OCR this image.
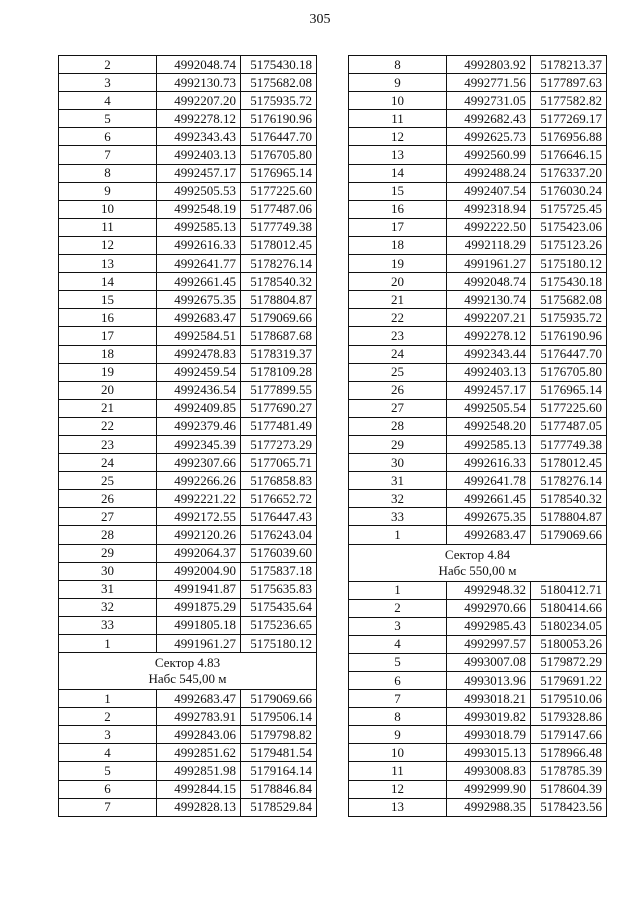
305
2	4992048.74	5175430.18
3	4992130.73	5175682.08
4	4992207.20	5175935.72
5	4992278.12	5176190.96
6	4992343.43	5176447.70
7	4992403.13	5176705.80
8	4992457.17	5176965.14
9	4992505.53	5177225.60
10	4992548.19	5177487.06
11	4992585.13	5177749.38
12	4992616.33	5178012.45
13	4992641.77	5178276.14
14	4992661.45	5178540.32
15	4992675.35	5178804.87
16	4992683.47	5179069.66
17	4992584.51	5178687.68
18	4992478.83	5178319.37
19	4992459.54	5178109.28
20	4992436.54	5177899.55
21	4992409.85	5177690.27
22	4992379.46	5177481.49
23	4992345.39	5177273.29
24	4992307.66	5177065.71
25	4992266.26	5176858.83
26	4992221.22	5176652.72
27	4992172.55	5176447.43
28	4992120.26	5176243.04
29	4992064.37	5176039.60
30	4992004.90	5175837.18
31	4991941.87	5175635.83
32	4991875.29	5175435.64
33	4991805.18	5175236.65
1	4991961.27	5175180.12

Сектор 4.83
Набс 545,00 м		

1	4992683.47	5179069.66
2	4992783.91	5179506.14
3	4992843.06	5179798.82
4	4992851.62	5179481.54
5	4992851.98	5179164.14
6	4992844.15	5178846.84
7	4992828.13	5178529.84
8	4992803.92	5178213.37
9	4992771.56	5177897.63
10	4992731.05	5177582.82
11	4992682.43	5177269.17
12	4992625.73	5176956.88
13	4992560.99	5176646.15
14	4992488.24	5176337.20
15	4992407.54	5176030.24
16	4992318.94	5175725.45
17	4992222.50	5175423.06
18	4992118.29	5175123.26
19	4991961.27	5175180.12
20	4992048.74	5175430.18
21	4992130.74	5175682.08
22	4992207.21	5175935.72
23	4992278.12	5176190.96
24	4992343.44	5176447.70
25	4992403.13	5176705.80
26	4992457.17	5176965.14
27	4992505.54	5177225.60
28	4992548.20	5177487.05
29	4992585.13	5177749.38
30	4992616.33	5178012.45
31	4992641.78	5178276.14
32	4992661.45	5178540.32
33	4992675.35	5178804.87
1	4992683.47	5179069.66

Сектор 4.84
Набс 550,00 м		

1	4992948.32	5180412.71
2	4992970.66	5180414.66
3	4992985.43	5180234.05
4	4992997.57	5180053.26
5	4993007.08	5179872.29
6	4993013.96	5179691.22
7	4993018.21	5179510.06
8	4993019.82	5179328.86
9	4993018.79	5179147.66
10	4993015.13	5178966.48
11	4993008.83	5178785.39
12	4992999.90	5178604.39
13	4992988.35	5178423.56
